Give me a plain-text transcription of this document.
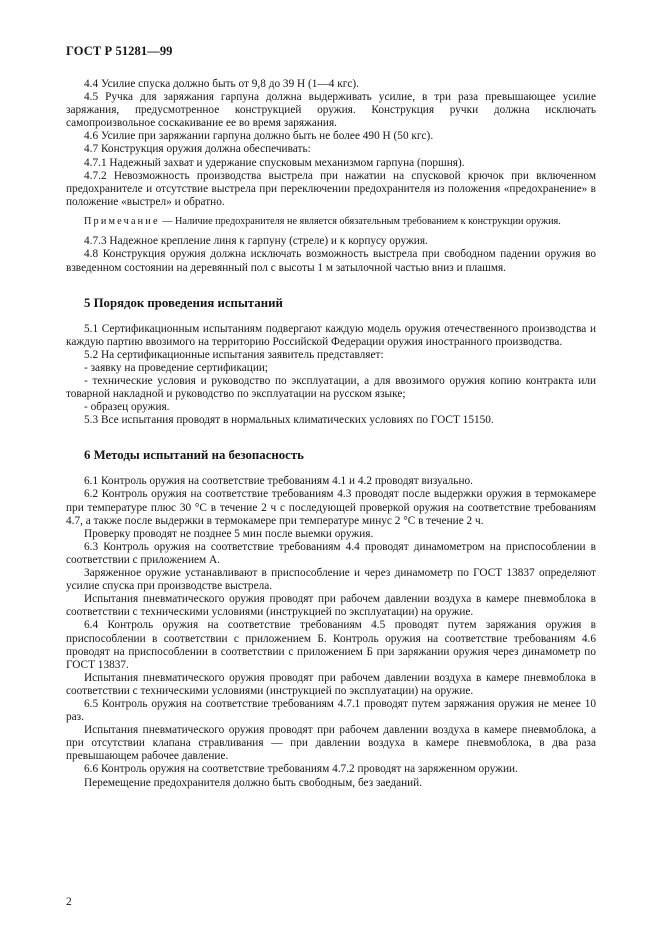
ГОСТ Р 51281—99

4.4 Усилие спуска должно быть от 9,8 до 39 Н (1—4 кгс).

4.5 Ручка для заряжания гарпуна должна выдерживать усилие, в три раза превышающее усилие заряжания, предусмотренное конструкцией оружия. Конструкция ручки должна исключать самопроизвольное соскакивание ее во время заряжания.

4.6 Усилие при заряжании гарпуна должно быть не более 490 Н (50 кгс).

4.7 Конструкция оружия должна обеспечивать:

4.7.1 Надежный захват и удержание спусковым механизмом гарпуна (поршня).

4.7.2 Невозможность производства выстрела при нажатии на спусковой крючок при включенном предохранителе и отсутствие выстрела при переключении предохранителя из положения «предохранение» в положение «выстрел» и обратно.

Примечание — Наличие предохранителя не является обязательным требованием к конструкции оружия.

4.7.3 Надежное крепление линя к гарпуну (стреле) и к корпусу оружия.

4.8 Конструкция оружия должна исключать возможность выстрела при свободном падении оружия во взведенном состоянии на деревянный пол с высоты 1 м затылочной частью вниз и плашмя.

5 Порядок проведения испытаний

5.1 Сертификационным испытаниям подвергают каждую модель оружия отечественного производства и каждую партию ввозимого на территорию Российской Федерации оружия иностранного производства.

5.2 На сертификационные испытания заявитель представляет:

- заявку на проведение сертификации;

- технические условия и руководство по эксплуатации, а для ввозимого оружия копию контракта или товарной накладной и руководство по эксплуатации на русском языке;

- образец оружия.

5.3 Все испытания проводят в нормальных климатических условиях по ГОСТ 15150.

6 Методы испытаний на безопасность

6.1 Контроль оружия на соответствие требованиям 4.1 и 4.2 проводят визуально.

6.2 Контроль оружия на соответствие требованиям 4.3 проводят после выдержки оружия в термокамере при температуре плюс 30 °С в течение 2 ч с последующей проверкой оружия на соответствие требованиям 4.7, а также после выдержки в термокамере при температуре минус 2 °С в течение 2 ч.

Проверку проводят не позднее 5 мин после выемки оружия.

6.3 Контроль оружия на соответствие требованиям 4.4 проводят динамометром на приспособлении в соответствии с приложением А.

Заряженное оружие устанавливают в приспособление и через динамометр по ГОСТ 13837 определяют усилие спуска при производстве выстрела.

Испытания пневматического оружия проводят при рабочем давлении воздуха в камере пневмоблока в соответствии с техническими условиями (инструкцией по эксплуатации) на оружие.

6.4 Контроль оружия на соответствие требованиям 4.5 проводят путем заряжания оружия в приспособлении в соответствии с приложением Б. Контроль оружия на соответствие требованиям 4.6 проводят на приспособлении в соответствии с приложением Б при заряжании оружия через динамометр по ГОСТ 13837.

Испытания пневматического оружия проводят при рабочем давлении воздуха в камере пневмоблока в соответствии с техническими условиями (инструкцией по эксплуатации) на оружие.

6.5 Контроль оружия на соответствие требованиям 4.7.1 проводят путем заряжания оружия не менее 10 раз.

Испытания пневматического оружия проводят при рабочем давлении воздуха в камере пневмоблока, а при отсутствии клапана стравливания — при давлении воздуха в камере пневмоблока, в два раза превышающем рабочее давление.

6.6 Контроль оружия на соответствие требованиям 4.7.2 проводят на заряженном оружии.

Перемещение предохранителя должно быть свободным, без заеданий.

2
